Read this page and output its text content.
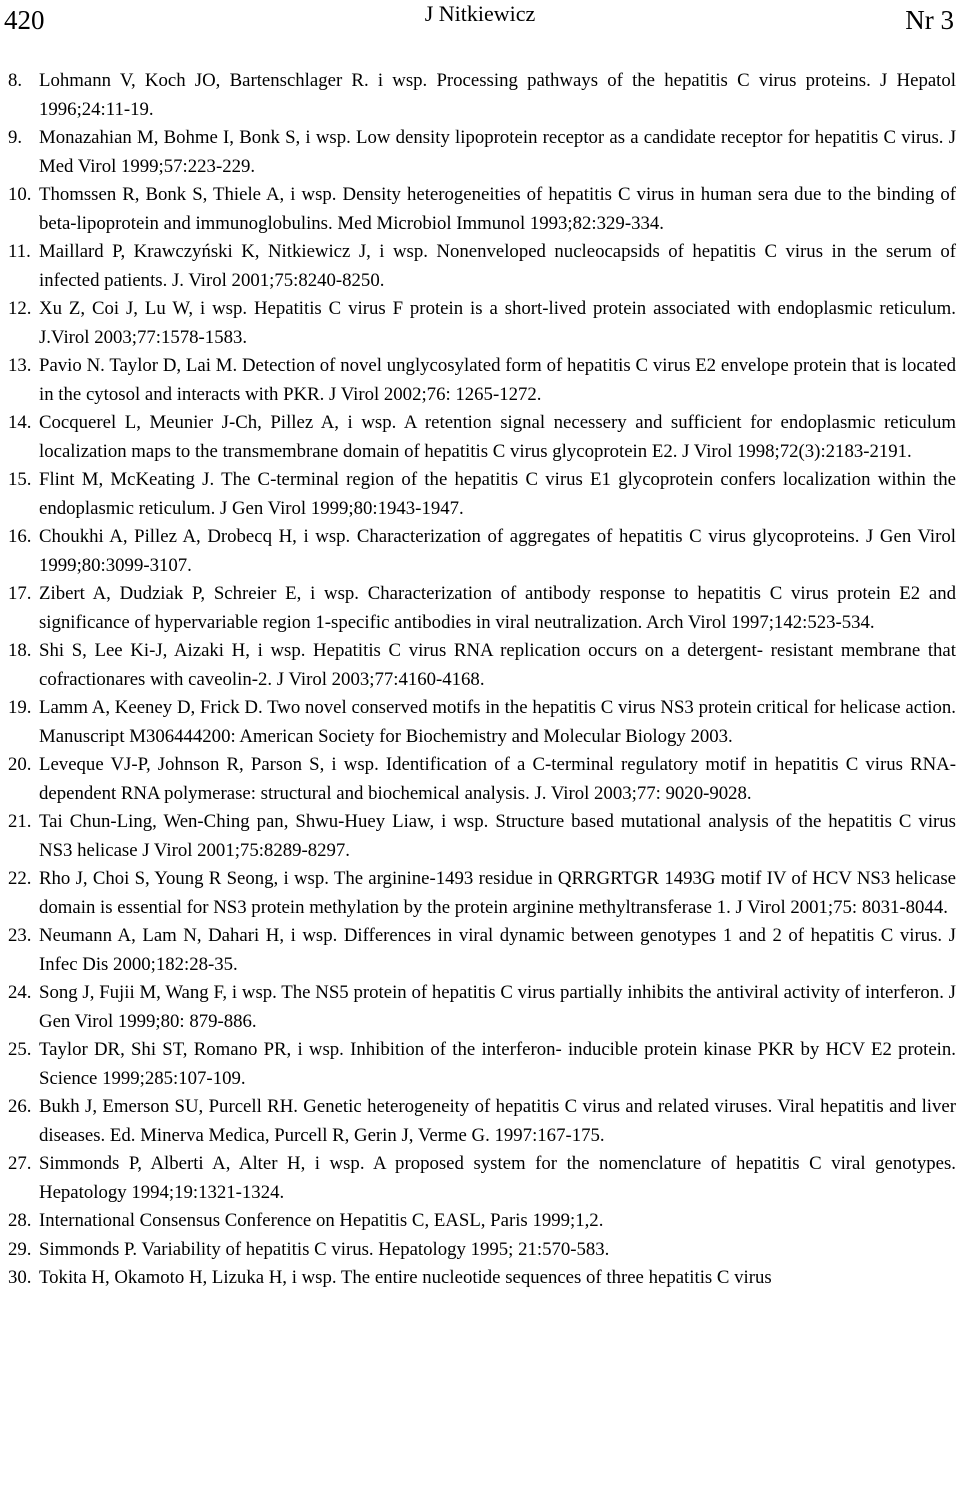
420	J Nitkiewicz	Nr 3
8. Lohmann V, Koch JO, Bartenschlager R. i wsp. Processing pathways of the hepatitis C virus proteins. J Hepatol 1996;24:11-19.
9. Monazahian M, Bohme I, Bonk S, i wsp. Low density lipoprotein receptor as a candidate receptor for hepatitis C virus. J Med Virol 1999;57:223-229.
10. Thomssen R, Bonk S, Thiele A, i wsp. Density heterogeneities of hepatitis C virus in human sera due to the binding of beta-lipoprotein and immunoglobulins. Med Microbiol Immunol 1993;82:329-334.
11. Maillard P, Krawczyński K, Nitkiewicz J, i wsp. Nonenveloped nucleocapsids of hepatitis C virus in the serum of infected patients. J. Virol 2001;75:8240-8250.
12. Xu Z, Coi J, Lu W, i wsp. Hepatitis C virus F protein is a short-lived protein associated with endoplasmic reticulum. J.Virol 2003;77:1578-1583.
13. Pavio N. Taylor D, Lai M. Detection of novel unglycosylated form of hepatitis C virus E2 envelope protein that is located in the cytosol and interacts with PKR. J Virol 2002;76: 1265-1272.
14. Cocquerel L, Meunier J-Ch, Pillez A, i wsp. A retention signal necessery and sufficient for endoplasmic reticulum localization maps to the transmembrane domain of hepatitis C virus glycoprotein E2. J Virol 1998;72(3):2183-2191.
15. Flint M, McKeating J. The C-terminal region of the hepatitis C virus E1 glycoprotein confers localization within the endoplasmic reticulum. J Gen Virol 1999;80:1943-1947.
16. Choukhi A, Pillez A, Drobecq H, i wsp. Characterization of aggregates of hepatitis C virus glycoproteins. J Gen Virol 1999;80:3099-3107.
17. Zibert A, Dudziak P, Schreier E, i wsp. Characterization of antibody response to hepatitis C virus protein E2 and significance of hypervariable region 1-specific antibodies in viral neutralization. Arch Virol 1997;142:523-534.
18. Shi S, Lee Ki-J, Aizaki H, i wsp. Hepatitis C virus RNA replication occurs on a detergent- resistant membrane that cofractionares with caveolin-2. J Virol 2003;77:4160-4168.
19. Lamm A, Keeney D, Frick D. Two novel conserved motifs in the hepatitis C virus NS3 protein critical for helicase action. Manuscript M306444200: American Society for Biochemistry and Molecular Biology 2003.
20. Leveque VJ-P, Johnson R, Parson S, i wsp. Identification of a C-terminal regulatory motif in hepatitis C virus RNA-dependent RNA polymerase: structural and biochemical analysis. J. Virol 2003;77: 9020-9028.
21. Tai Chun-Ling, Wen-Ching pan, Shwu-Huey Liaw, i wsp. Structure based mutational analysis of the hepatitis C virus NS3 helicase J Virol 2001;75:8289-8297.
22. Rho J, Choi S, Young R Seong, i wsp. The arginine-1493 residue in QRRGRTGR 1493G motif IV of HCV NS3 helicase domain is essential for NS3 protein methylation by the protein arginine methyltransferase 1. J Virol 2001;75: 8031-8044.
23. Neumann A, Lam N, Dahari H, i wsp. Differences in viral dynamic between genotypes 1 and 2 of hepatitis C virus. J Infec Dis 2000;182:28-35.
24. Song J, Fujii M, Wang F, i wsp. The NS5 protein of hepatitis C virus partially inhibits the antiviral activity of interferon. J Gen Virol 1999;80: 879-886.
25. Taylor DR, Shi ST, Romano PR, i wsp. Inhibition of the interferon- inducible protein kinase PKR by HCV E2 protein. Science 1999;285:107-109.
26. Bukh J, Emerson SU, Purcell RH. Genetic heterogeneity of hepatitis C virus and related viruses. Viral hepatitis and liver diseases. Ed. Minerva Medica, Purcell R, Gerin J, Verme G. 1997:167-175.
27. Simmonds P, Alberti A, Alter H, i wsp. A proposed system for the nomenclature of hepatitis C viral genotypes. Hepatology 1994;19:1321-1324.
28. International Consensus Conference on Hepatitis C, EASL, Paris 1999;1,2.
29. Simmonds P. Variability of hepatitis C virus. Hepatology 1995; 21:570-583.
30. Tokita H, Okamoto H, Lizuka H, i wsp. The entire nucleotide sequences of three hepatitis C virus
